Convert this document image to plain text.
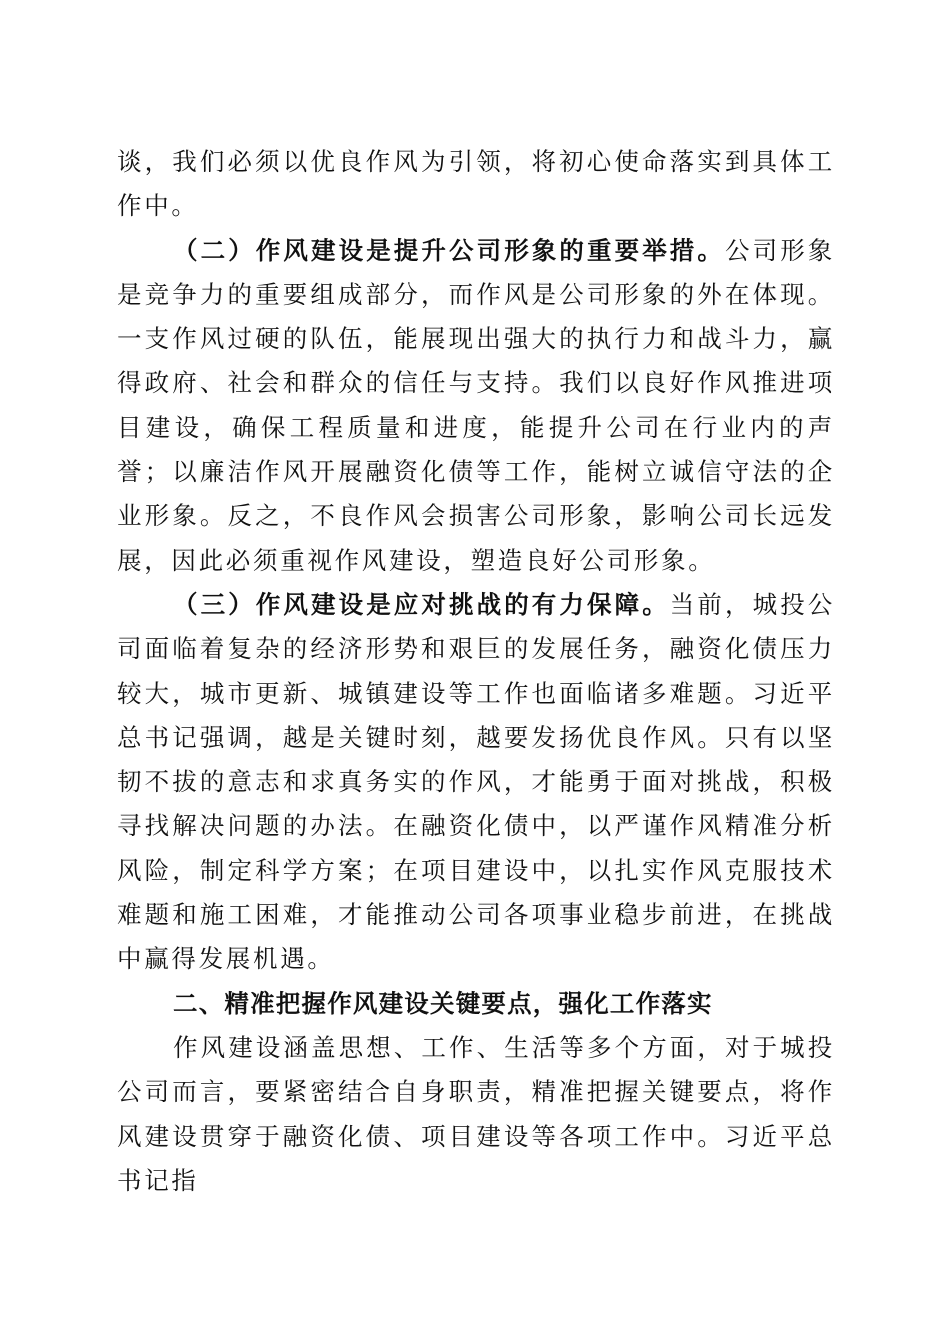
谈，我们必须以优良作风为引领，将初心使命落实到具体工作中。

（二）作风建设是提升公司形象的重要举措。公司形象是竞争力的重要组成部分，而作风是公司形象的外在体现。一支作风过硬的队伍，能展现出强大的执行力和战斗力，赢得政府、社会和群众的信任与支持。我们以良好作风推进项目建设，确保工程质量和进度，能提升公司在行业内的声誉；以廉洁作风开展融资化债等工作，能树立诚信守法的企业形象。反之，不良作风会损害公司形象，影响公司长远发展，因此必须重视作风建设，塑造良好公司形象。

（三）作风建设是应对挑战的有力保障。当前，城投公司面临着复杂的经济形势和艰巨的发展任务，融资化债压力较大，城市更新、城镇建设等工作也面临诸多难题。习近平总书记强调，越是关键时刻，越要发扬优良作风。只有以坚韧不拔的意志和求真务实的作风，才能勇于面对挑战，积极寻找解决问题的办法。在融资化债中，以严谨作风精准分析风险，制定科学方案；在项目建设中，以扎实作风克服技术难题和施工困难，才能推动公司各项事业稳步前进，在挑战中赢得发展机遇。

二、精准把握作风建设关键要点，强化工作落实

作风建设涵盖思想、工作、生活等多个方面，对于城投公司而言，要紧密结合自身职责，精准把握关键要点，将作风建设贯穿于融资化债、项目建设等各项工作中。习近平总书记指
